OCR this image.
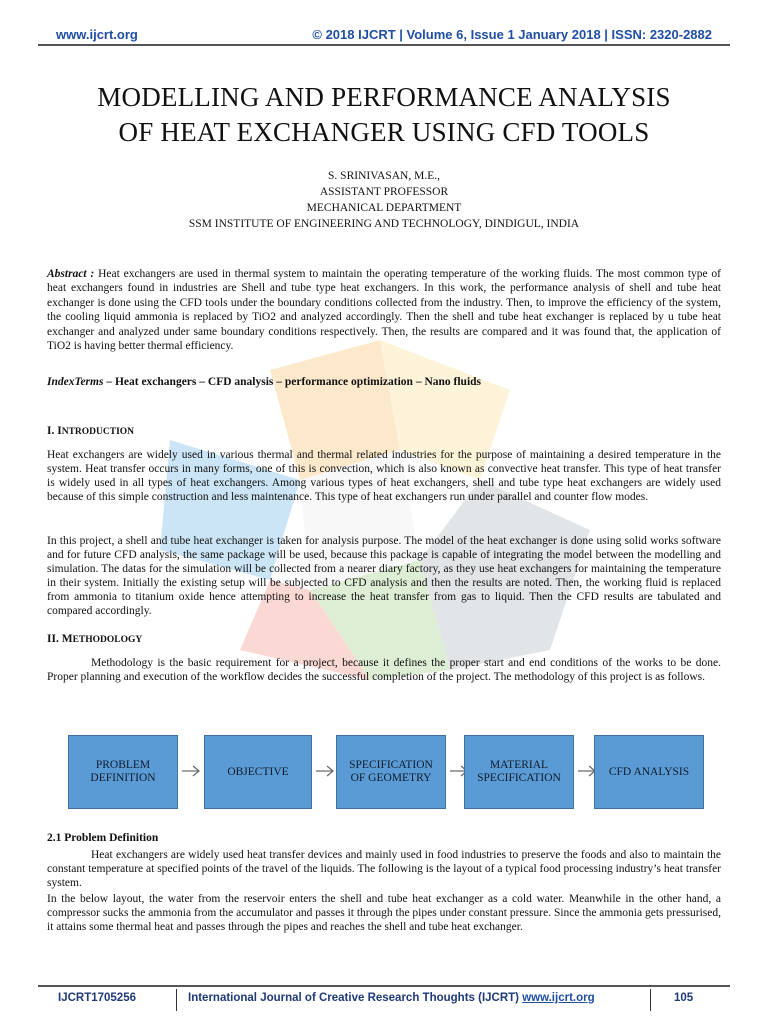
www.ijcrt.org	© 2018 IJCRT | Volume 6, Issue 1 January 2018 | ISSN: 2320-2882
MODELLING AND PERFORMANCE ANALYSIS
OF HEAT EXCHANGER USING CFD TOOLS
S. SRINIVASAN, M.E.,
ASSISTANT PROFESSOR
MECHANICAL DEPARTMENT
SSM INSTITUTE OF ENGINEERING AND TECHNOLOGY, DINDIGUL, INDIA
Abstract : Heat exchangers are used in thermal system to maintain the operating temperature of the working fluids. The most common type of heat exchangers found in industries are Shell and tube type heat exchangers. In this work, the performance analysis of shell and tube heat exchanger is done using the CFD tools under the boundary conditions collected from the industry. Then, to improve the efficiency of the system, the cooling liquid ammonia is replaced by TiO2 and analyzed accordingly. Then the shell and tube heat exchanger is replaced by u tube heat exchanger and analyzed under same boundary conditions respectively. Then, the results are compared and it was found that, the application of TiO2 is having better thermal efficiency.
IndexTerms – Heat exchangers – CFD analysis – performance optimization – Nano fluids
I. INTRODUCTION
Heat exchangers are widely used in various thermal and thermal related industries for the purpose of maintaining a desired temperature in the system. Heat transfer occurs in many forms, one of this is convection, which is also known as convective heat transfer. This type of heat transfer is widely used in all types of heat exchangers. Among various types of heat exchangers, shell and tube type heat exchangers are widely used because of this simple construction and less maintenance. This type of heat exchangers run under parallel and counter flow modes.
In this project, a shell and tube heat exchanger is taken for analysis purpose. The model of the heat exchanger is done using solid works software and for future CFD analysis, the same package will be used, because this package is capable of integrating the model between the modelling and simulation. The datas for the simulation will be collected from a nearer diary factory, as they use heat exchangers for maintaining the temperature in their system. Initially the existing setup will be subjected to CFD analysis and then the results are noted. Then, the working fluid is replaced from ammonia to titanium oxide hence attempting to increase the heat transfer from gas to liquid. Then the CFD results are tabulated and compared accordingly.
II. METHODOLOGY
Methodology is the basic requirement for a project, because it defines the proper start and end conditions of the works to be done. Proper planning and execution of the workflow decides the successful completion of the project. The methodology of this project is as follows.
PROBLEM
DEFINITION
OBJECTIVE
SPECIFICATION
OF GEOMETRY
MATERIAL
SPECIFICATION
CFD ANALYSIS
2.1 Problem Definition
Heat exchangers are widely used heat transfer devices and mainly used in food industries to preserve the foods and also to maintain the constant temperature at specified points of the travel of the liquids. The following is the layout of a typical food processing industry’s heat transfer system.
In the below layout, the water from the reservoir enters the shell and tube heat exchanger as a cold water. Meanwhile in the other hand, a compressor sucks the ammonia from the accumulator and passes it through the pipes under constant pressure. Since the ammonia gets pressurised, it attains some thermal heat and passes through the pipes and reaches the shell and tube heat exchanger.
IJCRT1705256	International Journal of Creative Research Thoughts (IJCRT) www.ijcrt.org	105
